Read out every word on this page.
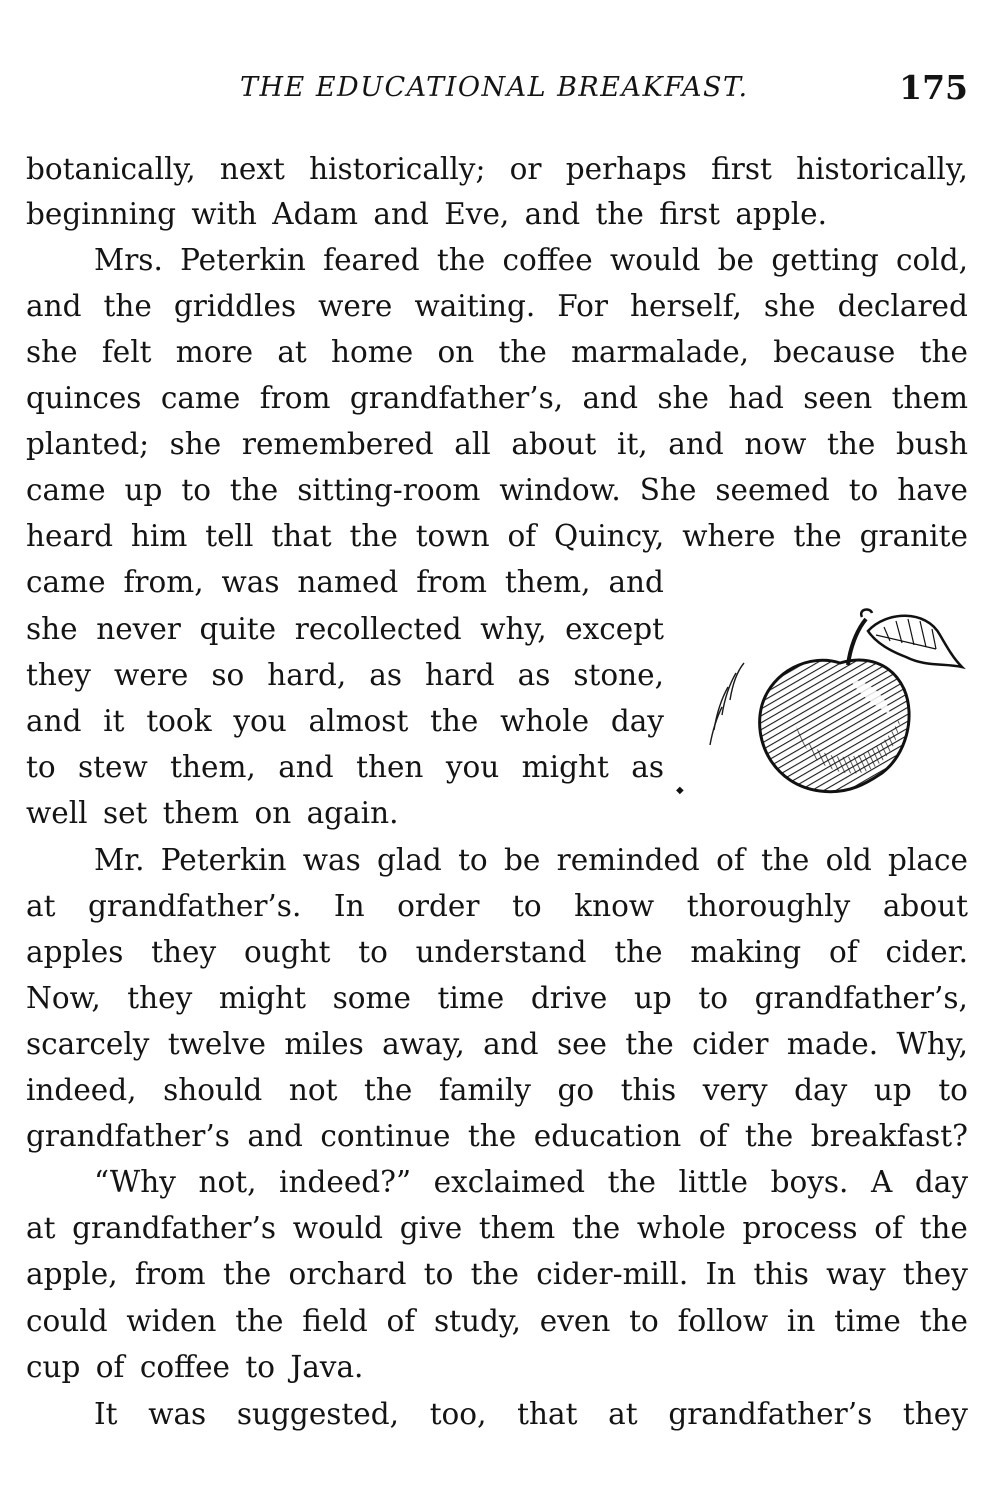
THE EDUCATIONAL BREAKFAST.	175
botanically, next historically; or perhaps first historically,
beginning with Adam and Eve, and the first apple.
Mrs. Peterkin feared the coffee would be getting cold,
and the griddles were waiting. For herself, she declared
she felt more at home on the marmalade, because the
quinces came from grandfather’s, and she had seen them
planted; she remembered all about it, and now the bush
came up to the sitting-room window. She seemed to have
heard him tell that the town of Quincy, where the granite
came from, was named from them, and
she never quite recollected why, except
they were so hard, as hard as stone,
and it took you almost the whole day
to stew them, and then you might as
well set them on again.
Mr. Peterkin was glad to be reminded of the old place
at grandfather’s. In order to know thoroughly about
apples they ought to understand the making of cider.
Now, they might some time drive up to grandfather’s,
scarcely twelve miles away, and see the cider made. Why,
indeed, should not the family go this very day up to
grandfather’s and continue the education of the breakfast?
“Why not, indeed?” exclaimed the little boys. A day
at grandfather’s would give them the whole process of the
apple, from the orchard to the cider-mill. In this way they
could widen the field of study, even to follow in time the
cup of coffee to Java.
It was suggested, too, that at grandfather’s they
◆
